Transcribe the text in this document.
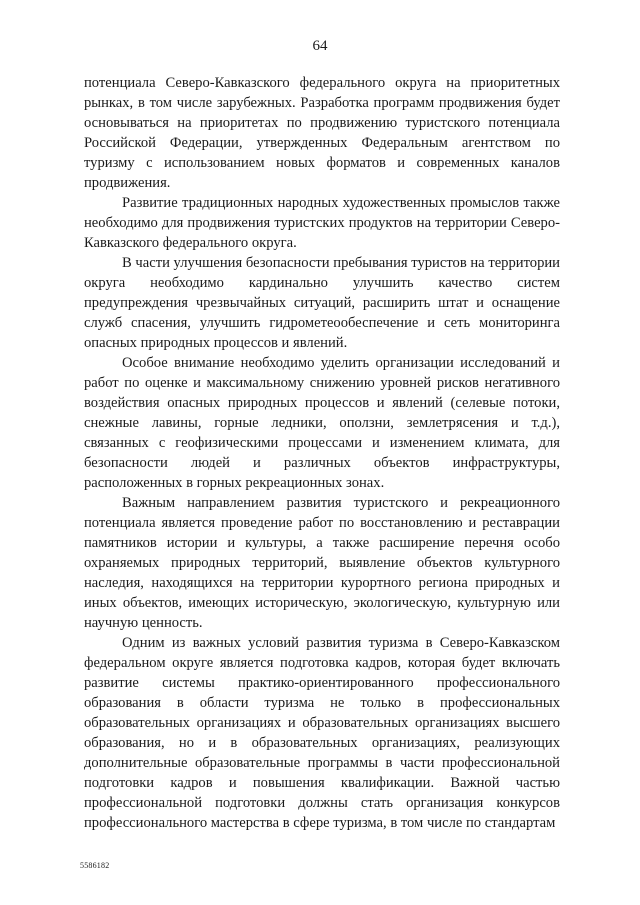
64

потенциала Северо-Кавказского федерального округа на приоритетных рынках, в том числе зарубежных. Разработка программ продвижения будет основываться на приоритетах по продвижению туристского потенциала Российской Федерации, утвержденных Федеральным агентством по туризму с использованием новых форматов и современных каналов продвижения.

Развитие традиционных народных художественных промыслов также необходимо для продвижения туристских продуктов на территории Северо-Кавказского федерального округа.

В части улучшения безопасности пребывания туристов на территории округа необходимо кардинально улучшить качество систем предупреждения чрезвычайных ситуаций, расширить штат и оснащение служб спасения, улучшить гидрометеообеспечение и сеть мониторинга опасных природных процессов и явлений.

Особое внимание необходимо уделить организации исследований и работ по оценке и максимальному снижению уровней рисков негативного воздействия опасных природных процессов и явлений (селевые потоки, снежные лавины, горные ледники, оползни, землетрясения и т.д.), связанных с геофизическими процессами и изменением климата, для безопасности людей и различных объектов инфраструктуры, расположенных в горных рекреационных зонах.

Важным направлением развития туристского и рекреационного потенциала является проведение работ по восстановлению и реставрации памятников истории и культуры, а также расширение перечня особо охраняемых природных территорий, выявление объектов культурного наследия, находящихся на территории курортного региона природных и иных объектов, имеющих историческую, экологическую, культурную или научную ценность.

Одним из важных условий развития туризма в Северо-Кавказском федеральном округе является подготовка кадров, которая будет включать развитие системы практико-ориентированного профессионального образования в области туризма не только в профессиональных образовательных организациях и образовательных организациях высшего образования, но и в образовательных организациях, реализующих дополнительные образовательные программы в части профессиональной подготовки кадров и повышения квалификации. Важной частью профессиональной подготовки должны стать организация конкурсов профессионального мастерства в сфере туризма, в том числе по стандартам

5586182
